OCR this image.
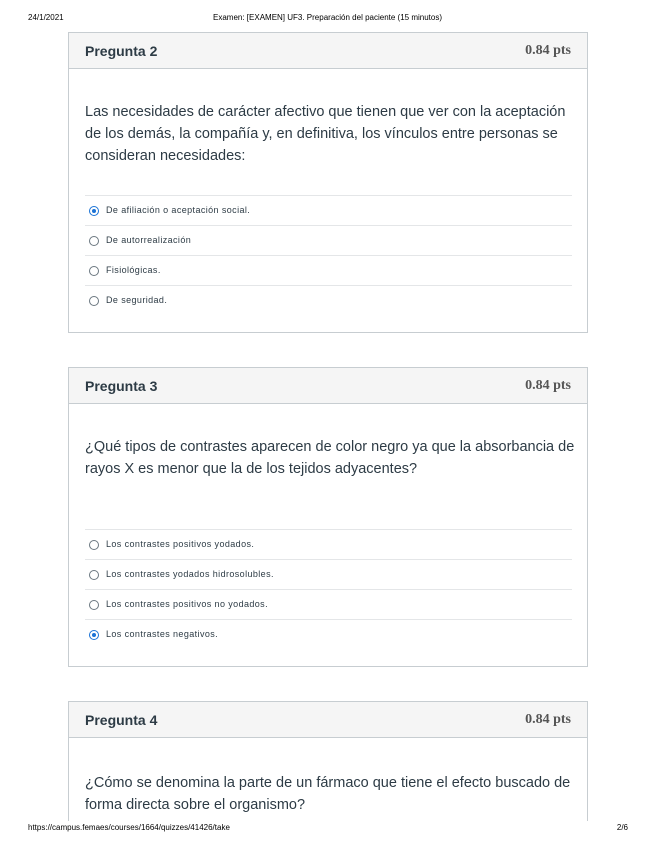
24/1/2021	Examen: [EXAMEN] UF3. Preparación del paciente (15 minutos)
Pregunta 2	0.84 pts
Las necesidades de carácter afectivo que tienen que ver con la aceptación de los demás, la compañía y, en definitiva, los vínculos entre personas se consideran necesidades:
De afiliación o aceptación social.
De autorrealización
Fisiológicas.
De seguridad.
Pregunta 3	0.84 pts
¿Qué tipos de contrastes aparecen de color negro ya que la absorbancia de rayos X es menor que la de los tejidos adyacentes?
Los contrastes positivos yodados.
Los contrastes yodados hidrosolubles.
Los contrastes positivos no yodados.
Los contrastes negativos.
Pregunta 4	0.84 pts
¿Cómo se denomina la parte de un fármaco que tiene el efecto buscado de forma directa sobre el organismo?
https://campus.femaes/courses/1664/quizzes/41426/take	2/6
